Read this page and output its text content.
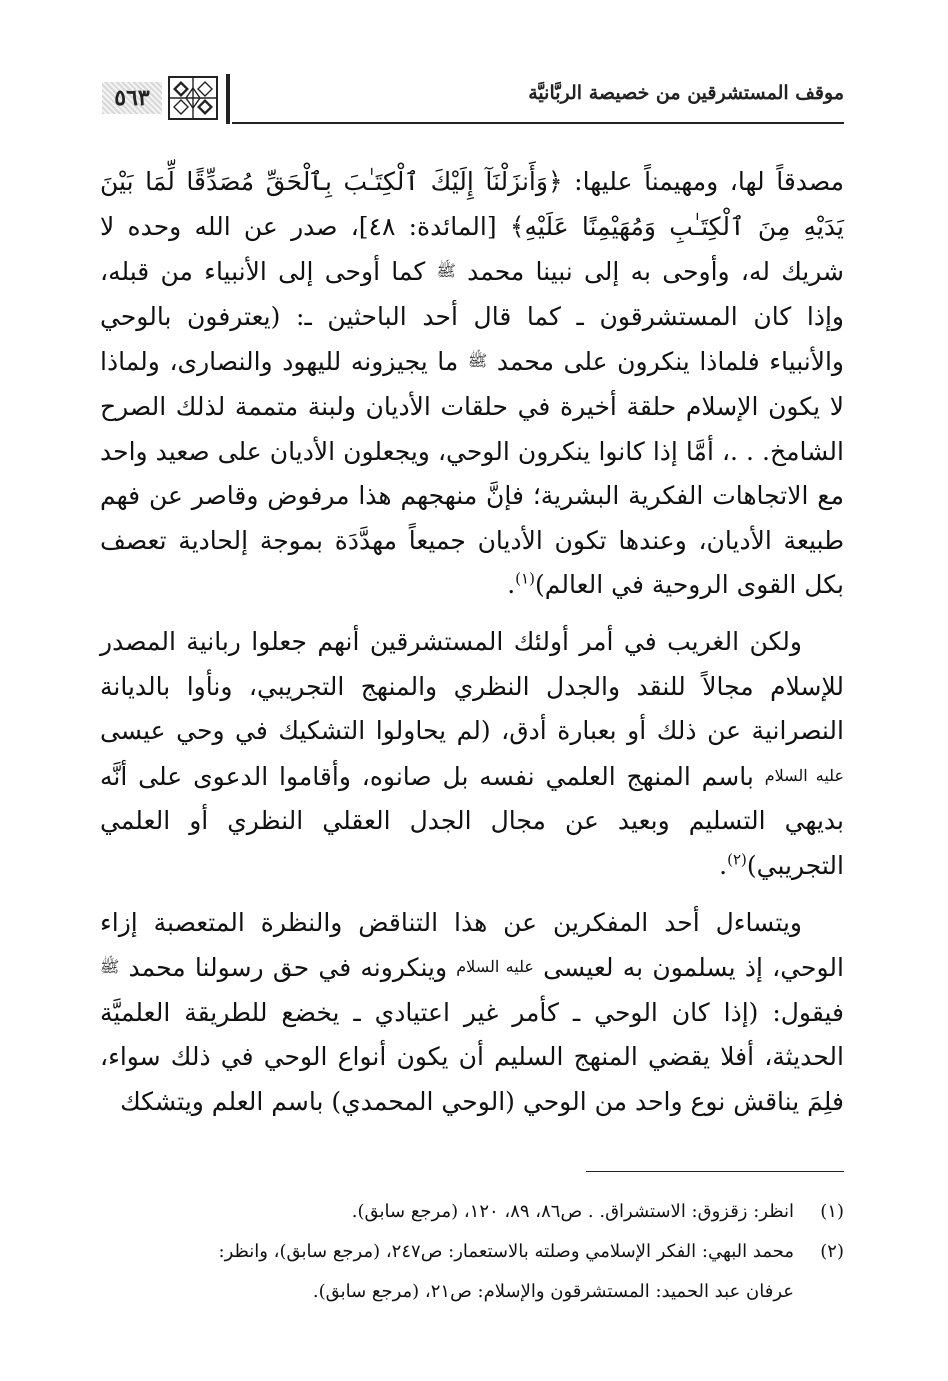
موقف المستشرقين من خصيصة الربَّانيَّة
٥٦٣

مصدقاً لها، ومهيمناً عليها: ﴿وَأَنزَلْنَآ إِلَيْكَ ٱلْكِتَـٰبَ بِٱلْحَقِّ مُصَدِّقًا لِّمَا بَيْنَ يَدَيْهِ مِنَ ٱلْكِتَـٰبِ وَمُهَيْمِنًا عَلَيْهِ﴾ [المائدة: ٤٨]، صدر عن الله وحده لا شريك له، وأوحى به إلى نبينا محمد ﷺ كما أوحى إلى الأنبياء من قبله، وإذا كان المستشرقون ـ كما قال أحد الباحثين ـ: (يعترفون بالوحي والأنبياء فلماذا ينكرون على محمد ﷺ ما يجيزونه لليهود والنصارى، ولماذا لا يكون الإسلام حلقة أخيرة في حلقات الأديان ولبنة متممة لذلك الصرح الشامخ. . .، أمَّا إذا كانوا ينكرون الوحي، ويجعلون الأديان على صعيد واحد مع الاتجاهات الفكرية البشرية؛ فإنَّ منهجهم هذا مرفوض وقاصر عن فهم طبيعة الأديان، وعندها تكون الأديان جميعاً مهدَّدَة بموجة إلحادية تعصف بكل القوى الروحية في العالم)$^{(١)}$.

ولكن الغريب في أمر أولئك المستشرقين أنهم جعلوا ربانية المصدر للإسلام مجالاً للنقد والجدل النظري والمنهج التجريبي، ونأوا بالديانة النصرانية عن ذلك أو بعبارة أدق، (لم يحاولوا التشكيك في وحي عيسى عليه السلام باسم المنهج العلمي نفسه بل صانوه، وأقاموا الدعوى على أنَّه بديهي التسليم وبعيد عن مجال الجدل العقلي النظري أو العلمي التجريبي)$^{(٢)}$.

ويتساءل أحد المفكرين عن هذا التناقض والنظرة المتعصبة إزاء الوحي، إذ يسلمون به لعيسى عليه السلام وينكرونه في حق رسولنا محمد ﷺ فيقول: (إذا كان الوحي ـ كأمر غير اعتيادي ـ يخضع للطريقة العلميَّة الحديثة، أفلا يقضي المنهج السليم أن يكون أنواع الوحي في ذلك سواء، فلِمَ يناقش نوع واحد من الوحي (الوحي المحمدي) باسم العلم ويتشكك

(١)انظر: زقزوق: الاستشراق. . ص٨٦، ٨٩، ١٢٠، (مرجع سابق).

(٢)محمد البهي: الفكر الإسلامي وصلته بالاستعمار: ص٢٤٧، (مرجع سابق)، وانظر:

عرفان عبد الحميد: المستشرقون والإسلام: ص٢١، (مرجع سابق).
